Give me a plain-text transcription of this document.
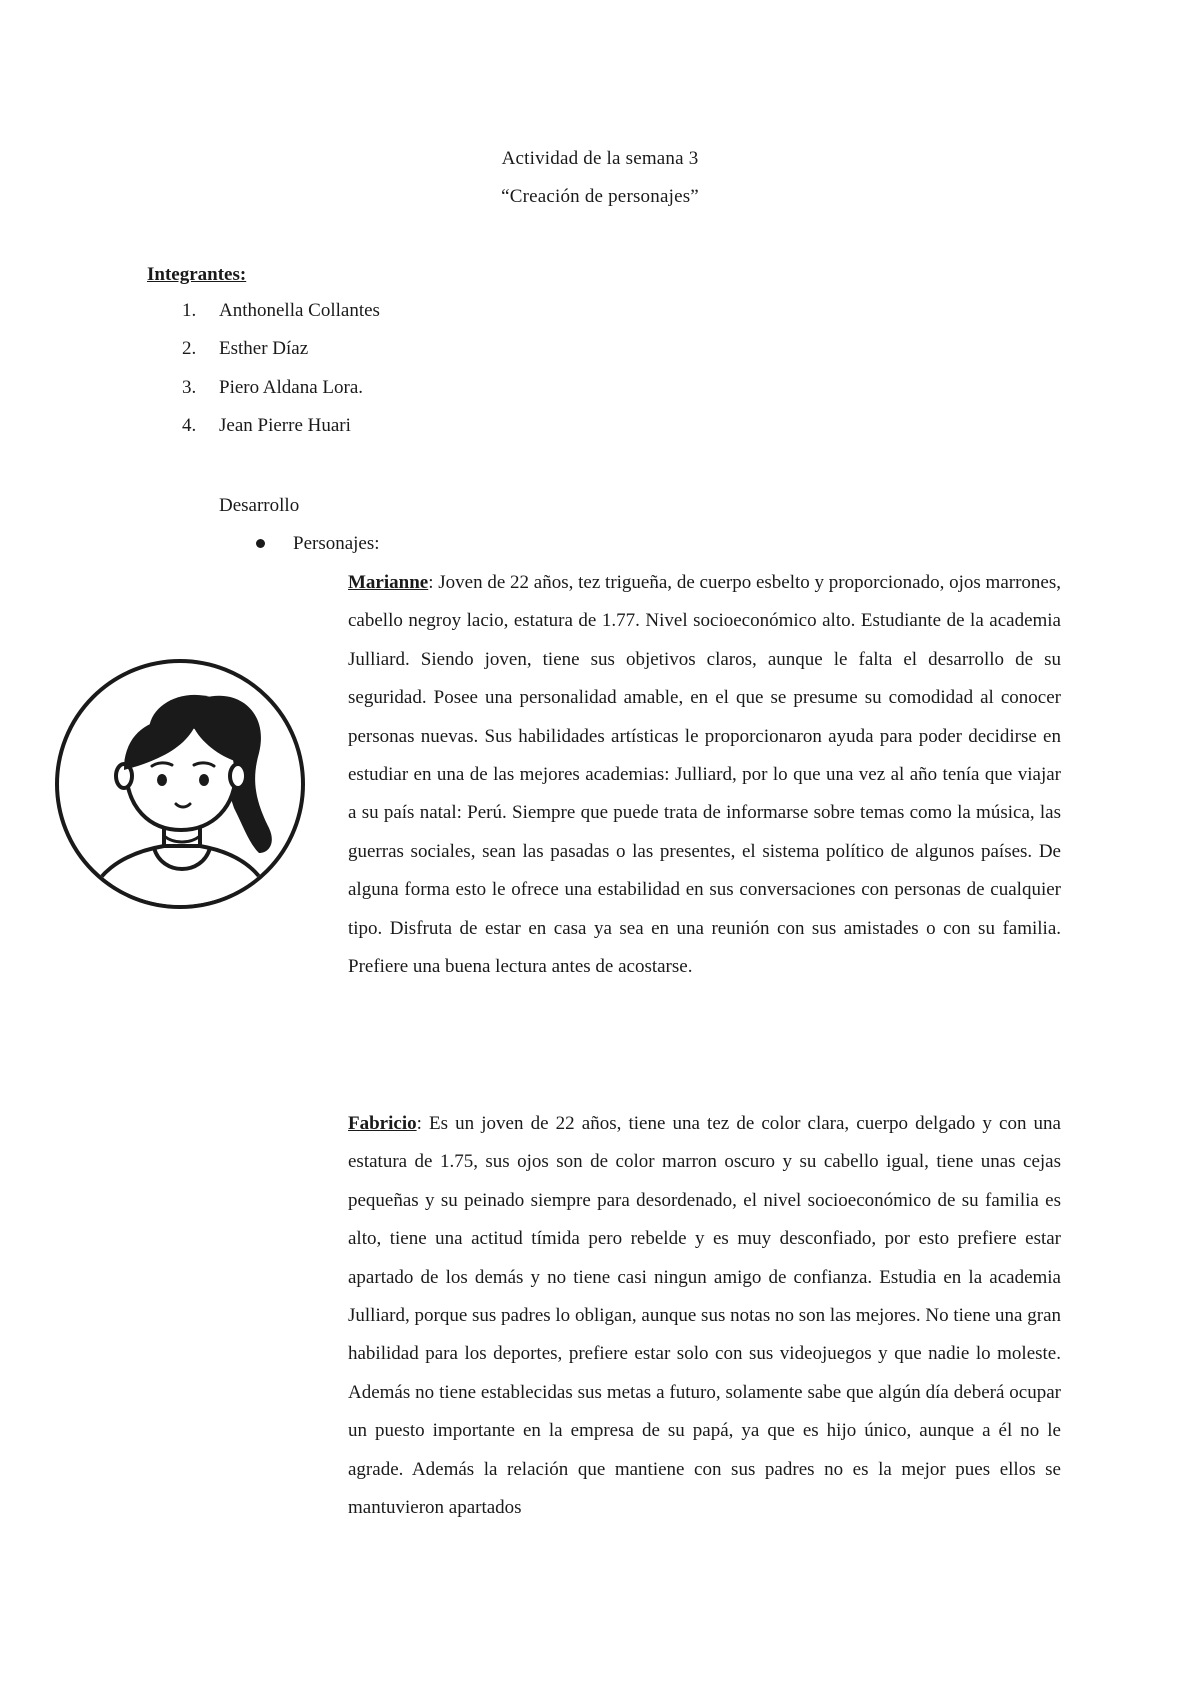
Actividad de la semana 3
“Creación de personajes”
Integrantes:
1.	Anthonella Collantes
2.	Esther Díaz
3.	Piero Aldana Lora.
4.	Jean Pierre Huari
Desarrollo
Personajes:
Marianne: Joven de 22 años, tez trigueña, de cuerpo esbelto y proporcionado, ojos marrones, cabello negroy lacio, estatura de 1.77. Nivel socioeconómico alto. Estudiante de la academia Julliard. Siendo joven, tiene sus objetivos claros, aunque le falta el desarrollo de su seguridad. Posee una personalidad amable, en el que se presume su comodidad al conocer personas nuevas. Sus habilidades artísticas le proporcionaron ayuda para poder decidirse en estudiar en una de las mejores academias: Julliard, por lo que una vez al año tenía que viajar a su país natal: Perú. Siempre que puede trata de informarse sobre temas como la música, las guerras sociales, sean las pasadas o las presentes, el sistema político de algunos países. De alguna forma esto le ofrece una estabilidad en sus conversaciones con personas de cualquier tipo. Disfruta de estar en casa ya sea en una reunión con sus amistades o con su familia. Prefiere una buena lectura antes de acostarse.
Fabricio: Es un joven de 22 años, tiene una tez de color clara, cuerpo delgado y con una estatura de 1.75, sus ojos son de color marron oscuro y su cabello igual, tiene unas cejas pequeñas y su peinado siempre para desordenado, el nivel socioeconómico de su familia es alto, tiene una actitud tímida pero rebelde y es muy desconfiado, por esto prefiere estar apartado de los demás y no tiene casi ningun amigo de confianza. Estudia en la academia Julliard, porque sus padres lo obligan, aunque sus notas no son las mejores. No tiene una gran habilidad para los deportes, prefiere estar solo con sus videojuegos y que nadie lo moleste. Además no tiene establecidas sus metas a futuro, solamente sabe que algún día deberá ocupar un puesto importante en la empresa de su papá, ya que es hijo único, aunque a él no le agrade. Además la relación que mantiene con sus padres no es la mejor pues ellos se mantuvieron apartados
